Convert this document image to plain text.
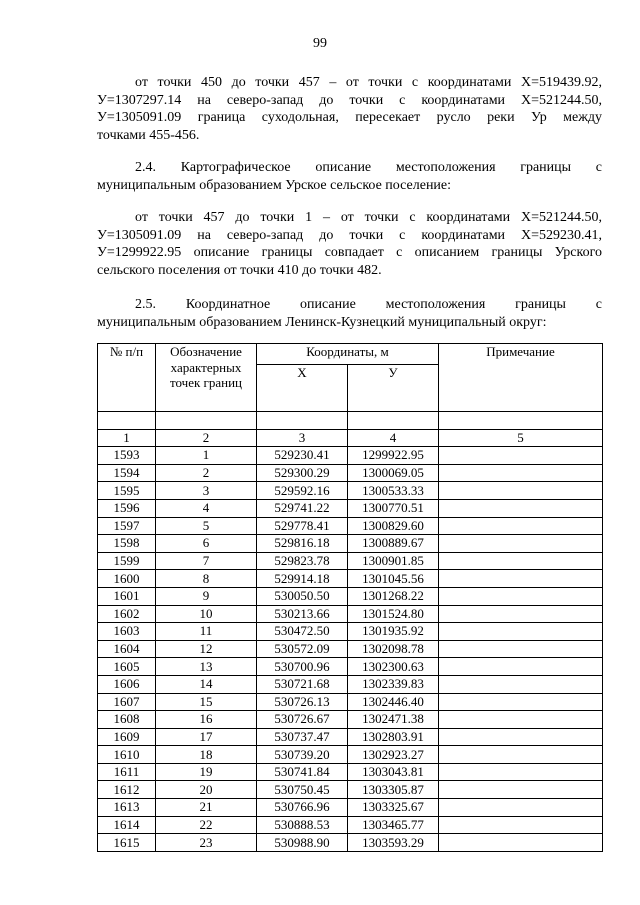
99
от точки 450 до точки 457 – от точки с координатами X=519439.92,
У=1307297.14 на северо-запад до точки с координатами X=521244.50,
У=1305091.09 граница суходольная, пересекает русло реки Ур между
точками 455-456.
2.4. Картографическое описание местоположения границы с
муниципальным образованием Урское сельское поселение:
от точки 457 до точки 1 – от точки с координатами X=521244.50,
У=1305091.09 на северо-запад до точки с координатами X=529230.41,
У=1299922.95 описание границы совпадает с описанием границы Урского
сельского поселения от точки 410 до точки 482.
2.5. Координатное описание местоположения границы с
муниципальным образованием Ленинск-Кузнецкий муниципальный округ:
№ п/п	Обозначение характерных точек границ	Координаты, м		Примечание
		X	У	

1	2	3	4	5
1593	1	529230.41	1299922.95	
1594	2	529300.29	1300069.05	
1595	3	529592.16	1300533.33	
1596	4	529741.22	1300770.51	
1597	5	529778.41	1300829.60	
1598	6	529816.18	1300889.67	
1599	7	529823.78	1300901.85	
1600	8	529914.18	1301045.56	
1601	9	530050.50	1301268.22	
1602	10	530213.66	1301524.80	
1603	11	530472.50	1301935.92	
1604	12	530572.09	1302098.78	
1605	13	530700.96	1302300.63	
1606	14	530721.68	1302339.83	
1607	15	530726.13	1302446.40	
1608	16	530726.67	1302471.38	
1609	17	530737.47	1302803.91	
1610	18	530739.20	1302923.27	
1611	19	530741.84	1303043.81	
1612	20	530750.45	1303305.87	
1613	21	530766.96	1303325.67	
1614	22	530888.53	1303465.77	
1615	23	530988.90	1303593.29	
